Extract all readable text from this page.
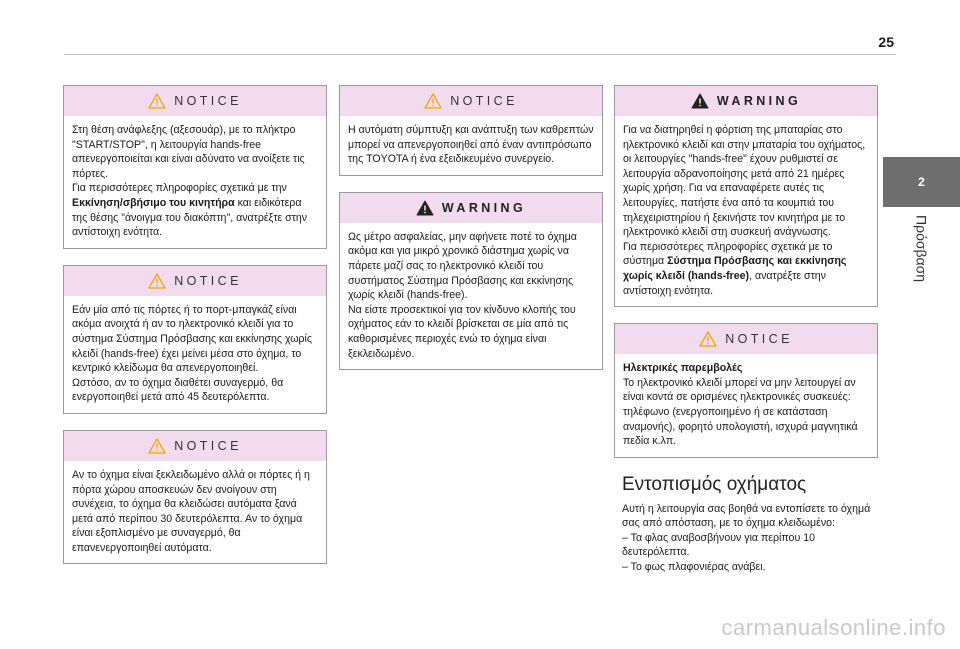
25
2
Πρόσβαση
NOTICE

Στη θέση ανάφλεξης (αξεσουάρ), με το πλήκτρο "START/STOP", η λειτουργία hands-free απενεργοποιείται και είναι αδύνατο να ανοίξετε τις πόρτες.

Για περισσότερες πληροφορίες σχετικά με την Εκκίνηση/σβήσιμο του κινητήρα και ειδικότερα της θέσης "άνοιγμα του διακόπτη", ανατρέξτε στην αντίστοιχη ενότητα.

NOTICE

Εάν μία από τις πόρτες ή το πορτ-μπαγκάζ είναι ακόμα ανοιχτά ή αν το ηλεκτρονικό κλειδί για το σύστημα Σύστημα Πρόσβασης και εκκίνησης χωρίς κλειδί (hands-free) έχει μείνει μέσα στο όχημα, το κεντρικό κλείδωμα θα απενεργοποιηθεί.

Ωστόσο, αν το όχημα διαθέτει συναγερμό, θα ενεργοποιηθεί μετά από 45 δευτερόλεπτα.

NOTICE

Αν το όχημα είναι ξεκλειδωμένο αλλά οι πόρτες ή η πόρτα χώρου αποσκευών δεν ανοίγουν στη συνέχεια, το όχημα θα κλειδώσει αυτόματα ξανά μετά από περίπου 30 δευτερόλεπτα. Αν το όχημα είναι εξοπλισμένο με συναγερμό, θα επανενεργοποιηθεί αυτόματα.

NOTICE

Η αυτόματη σύμπτυξη και ανάπτυξη των καθρεπτών μπορεί να απενεργοποιηθεί από έναν αντιπρόσωπο της TOYOTA ή ένα εξειδικευμένο συνεργείο.

WARNING

Ως μέτρο ασφαλείας, μην αφήνετε ποτέ το όχημα ακόμα και για μικρό χρονικό διάστημα χωρίς να πάρετε μαζί σας το ηλεκτρονικό κλειδί του συστήματος Σύστημα Πρόσβασης και εκκίνησης χωρίς κλειδί (hands-free).

Να είστε προσεκτικοί για τον κίνδυνο κλοπής του οχήματος εάν το κλειδί βρίσκεται σε μία από τις καθορισμένες περιοχές ενώ το όχημα είναι ξεκλειδωμένο.

WARNING

Για να διατηρηθεί η φόρτιση της μπαταρίας στο ηλεκτρονικό κλειδί και στην μπαταρία του οχήματος, οι λειτουργίες "hands-free" έχουν ρυθμιστεί σε λειτουργία αδρανοποίησης μετά από 21 ημέρες χωρίς χρήση. Για να επαναφέρετε αυτές τις λειτουργίες, πατήστε ένα από τα κουμπιά του τηλεχειριστηρίου ή ξεκινήστε τον κινητήρα με το ηλεκτρονικό κλειδί στη συσκευή ανάγνωσης.

Για περισσότερες πληροφορίες σχετικά με το σύστημα Σύστημα Πρόσβασης και εκκίνησης χωρίς κλειδί (hands-free), ανατρέξτε στην αντίστοιχη ενότητα.

NOTICE

Ηλεκτρικές παρεμβολές

Το ηλεκτρονικό κλειδί μπορεί να μην λειτουργεί αν είναι κοντά σε ορισμένες ηλεκτρονικές συσκευές: τηλέφωνο (ενεργοποιημένο ή σε κατάσταση αναμονής), φορητό υπολογιστή, ισχυρά μαγνητικά πεδία κ.λπ.

Εντοπισμός οχήματος

Αυτή η λειτουργία σας βοηθά να εντοπίσετε το όχημά σας από απόσταση, με το όχημα κλειδωμένο:

– Τα φλας αναβοσβήνουν για περίπου 10 δευτερόλεπτα.

– Το φως πλαφονιέρας ανάβει.

carmanualsonline.info
